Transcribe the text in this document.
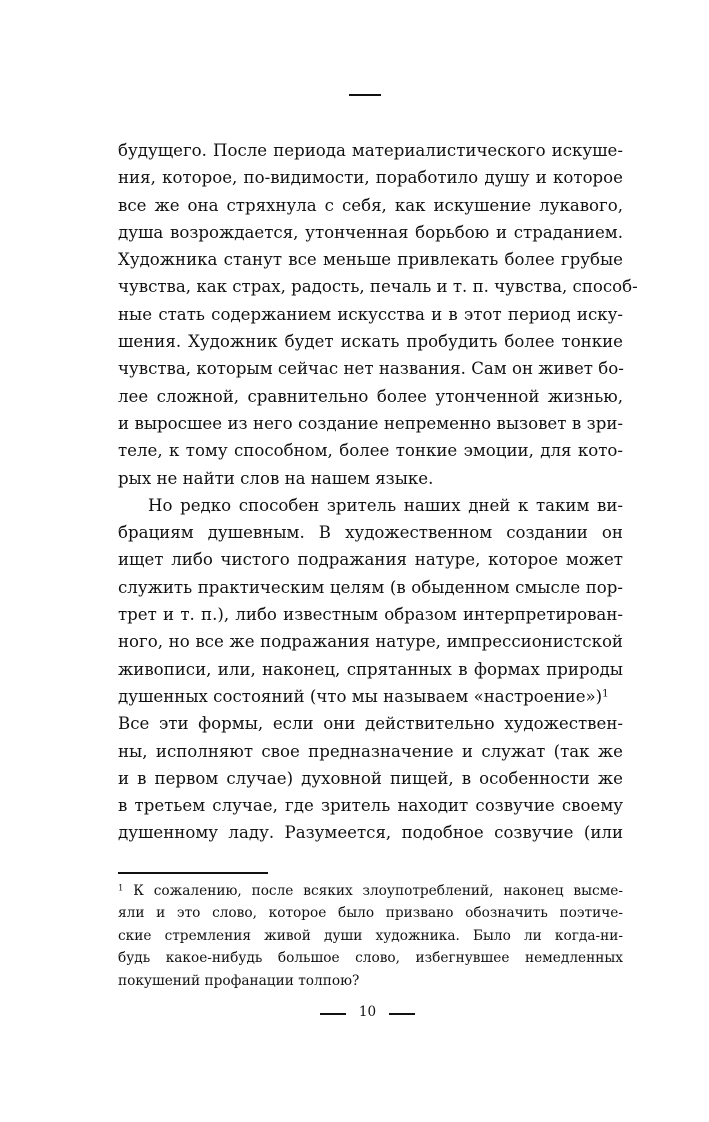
будущего. После периода материалистического искуше-
ния, которое, по-видимости, поработило душу и которое
все же она стряхнула с себя, как искушение лукавого,
душа возрождается, утонченная борьбою и страданием.
Художника станут все меньше привлекать более грубые
чувства, как страх, радость, печаль и т. п. чувства, способ-
ные стать содержанием искусства и в этот период иску-
шения. Художник будет искать пробудить более тонкие
чувства, которым сейчас нет названия. Сам он живет бо-
лее сложной, сравнительно более утонченной жизнью,
и выросшее из него создание непременно вызовет в зри-
теле, к тому способном, более тонкие эмоции, для кото-
рых не найти слов на нашем языке.
Но редко способен зритель наших дней к таким ви-
брациям душевным. В художественном создании он
ищет либо чистого подражания натуре, которое может
служить практическим целям (в обыденном смысле пор-
трет и т. п.), либо известным образом интерпретирован-
ного, но все же подражания натуре, импрессионистской
живописи, или, наконец, спрятанных в формах природы
душенных состояний (что мы называем «настроение»)$^1$
Все эти формы, если они действительно художествен-
ны, исполняют свое предназначение и служат (так же
и в первом случае) духовной пищей, в особенности же
в третьем случае, где зритель находит созвучие своему
душенному ладу. Разумеется, подобное созвучие (или
$^1$ К сожалению, после всяких злоупотреблений, наконец высме-
яли и это слово, которое было призвано обозначить поэтиче-
ские стремления живой души художника. Было ли когда-ни-
будь какое-нибудь большое слово, избегнувшее немедленных
покушений профанации толпою?
10
